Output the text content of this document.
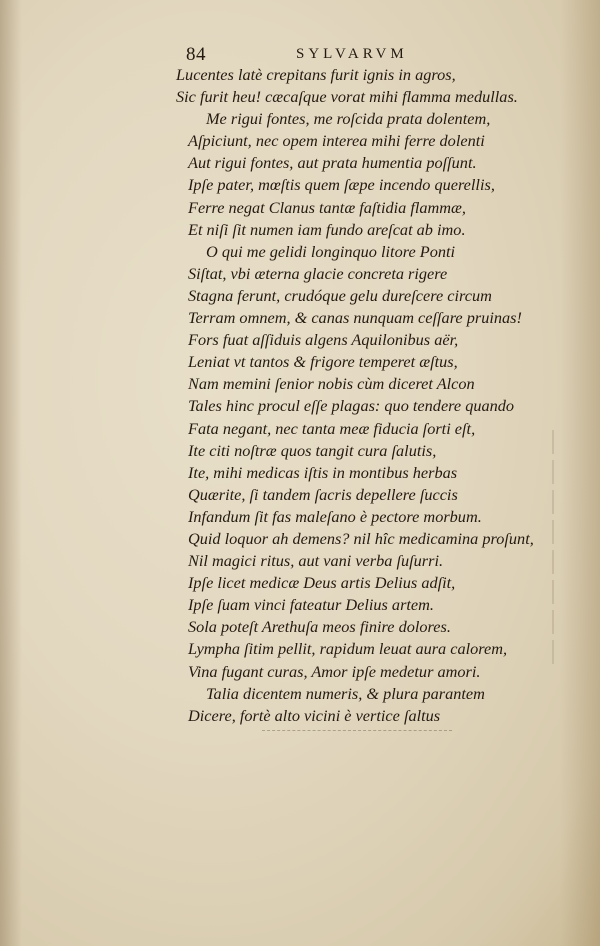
84	SYLVARVM
Lucentes latè crepitans furit ignis in agros,
Sic furit heu! cæcaſque vorat mihi flamma medullas.
Me rigui fontes, me roſcida prata dolentem,
Aſpiciunt, nec opem interea mihi ferre dolenti
Aut rigui fontes, aut prata humentia poſſunt.
Ipſe pater, mœſtis quem ſæpe incendo querellis,
Ferre negat Clanus tantæ faſtidia flammæ,
Et niſi ſit numen iam fundo areſcat ab imo.
O qui me gelidi longinquo litore Ponti
Siſtat, vbi æterna glacie concreta rigere
Stagna ferunt, crudóque gelu dureſcere circum
Terram omnem, & canas nunquam ceſſare pruinas!
Fors fuat aſſiduis algens Aquilonibus aër,
Leniat vt tantos & frigore temperet æſtus,
Nam memini ſenior nobis cùm diceret Alcon
Tales hinc procul eſſe plagas: quo tendere quando
Fata negant, nec tanta meæ fiducia ſorti eſt,
Ite citi noſtræ quos tangit cura ſalutis,
Ite, mihi medicas iſtis in montibus herbas
Quærite, ſi tandem ſacris depellere ſuccis
Infandum ſit fas maleſano è pectore morbum.
Quid loquor ah demens? nil hîc medicamina proſunt,
Nil magici ritus, aut vani verba ſuſurri.
Ipſe licet medicæ Deus artis Delius adſit,
Ipſe ſuam vinci fateatur Delius artem.
Sola poteſt Arethuſa meos finire dolores.
Lympha ſitim pellit, rapidum leuat aura calorem,
Vina fugant curas, Amor ipſe medetur amori.
Talia dicentem numeris, & plura parantem
Dicere, fortè alto vicini è vertice ſaltus
